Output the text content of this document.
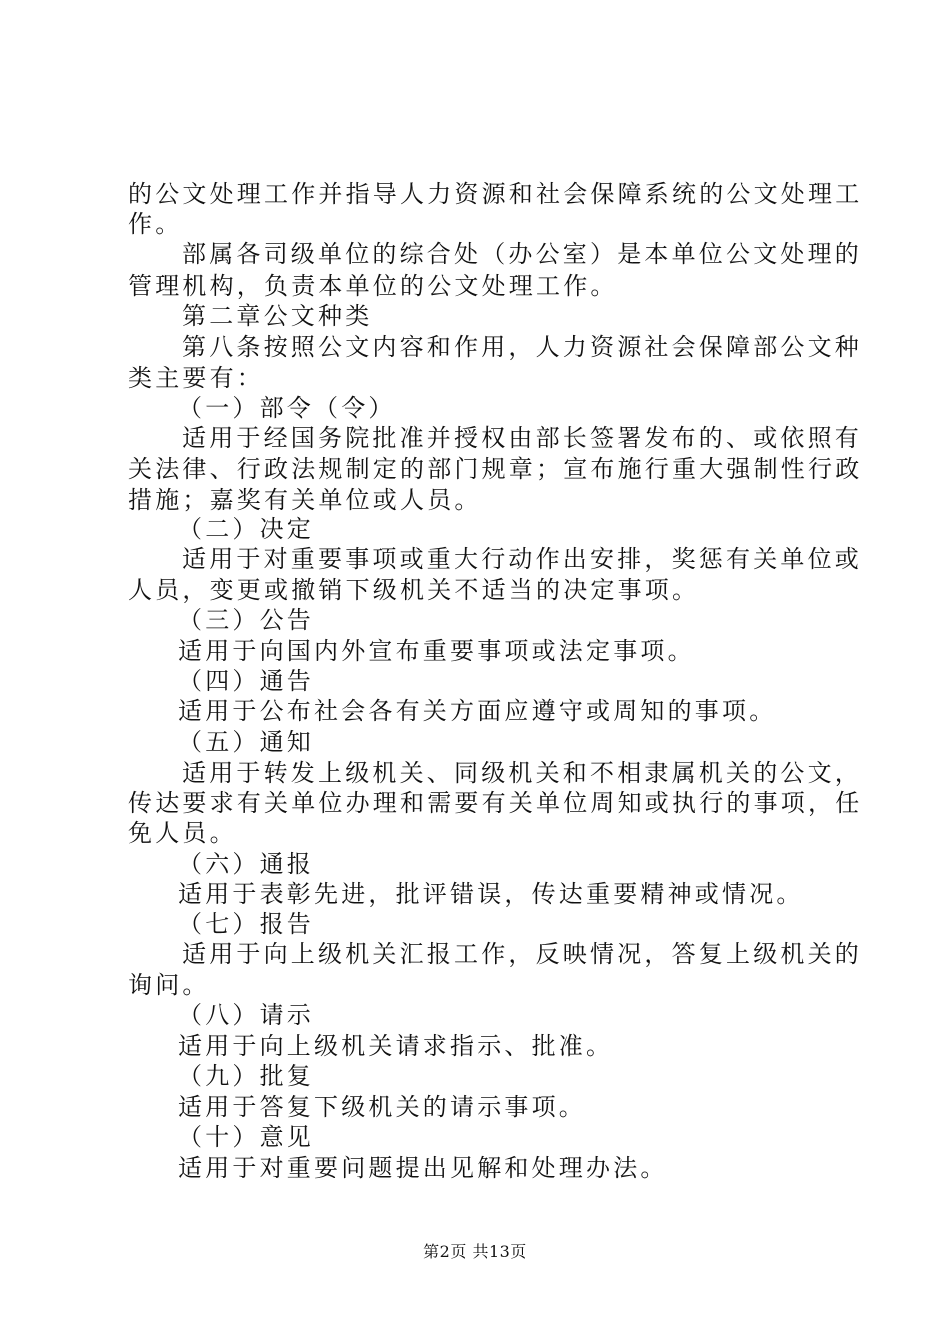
的公文处理工作并指导人力资源和社会保障系统的公文处理工
作。
部属各司级单位的综合处（办公室）是本单位公文处理的
管理机构，负责本单位的公文处理工作。
第二章公文种类
第八条按照公文内容和作用，人力资源社会保障部公文种
类主要有：
（一）部令（令）
适用于经国务院批准并授权由部长签署发布的、或依照有
关法律、行政法规制定的部门规章；宣布施行重大强制性行政
措施；嘉奖有关单位或人员。
（二）决定
适用于对重要事项或重大行动作出安排，奖惩有关单位或
人员，变更或撤销下级机关不适当的决定事项。
（三）公告
适用于向国内外宣布重要事项或法定事项。
（四）通告
适用于公布社会各有关方面应遵守或周知的事项。
（五）通知
适用于转发上级机关、同级机关和不相隶属机关的公文，
传达要求有关单位办理和需要有关单位周知或执行的事项，任
免人员。
（六）通报
适用于表彰先进，批评错误，传达重要精神或情况。
（七）报告
适用于向上级机关汇报工作，反映情况，答复上级机关的
询问。
（八）请示
适用于向上级机关请求指示、批准。
（九）批复
适用于答复下级机关的请示事项。
（十）意见
适用于对重要问题提出见解和处理办法。
第2页 共13页
